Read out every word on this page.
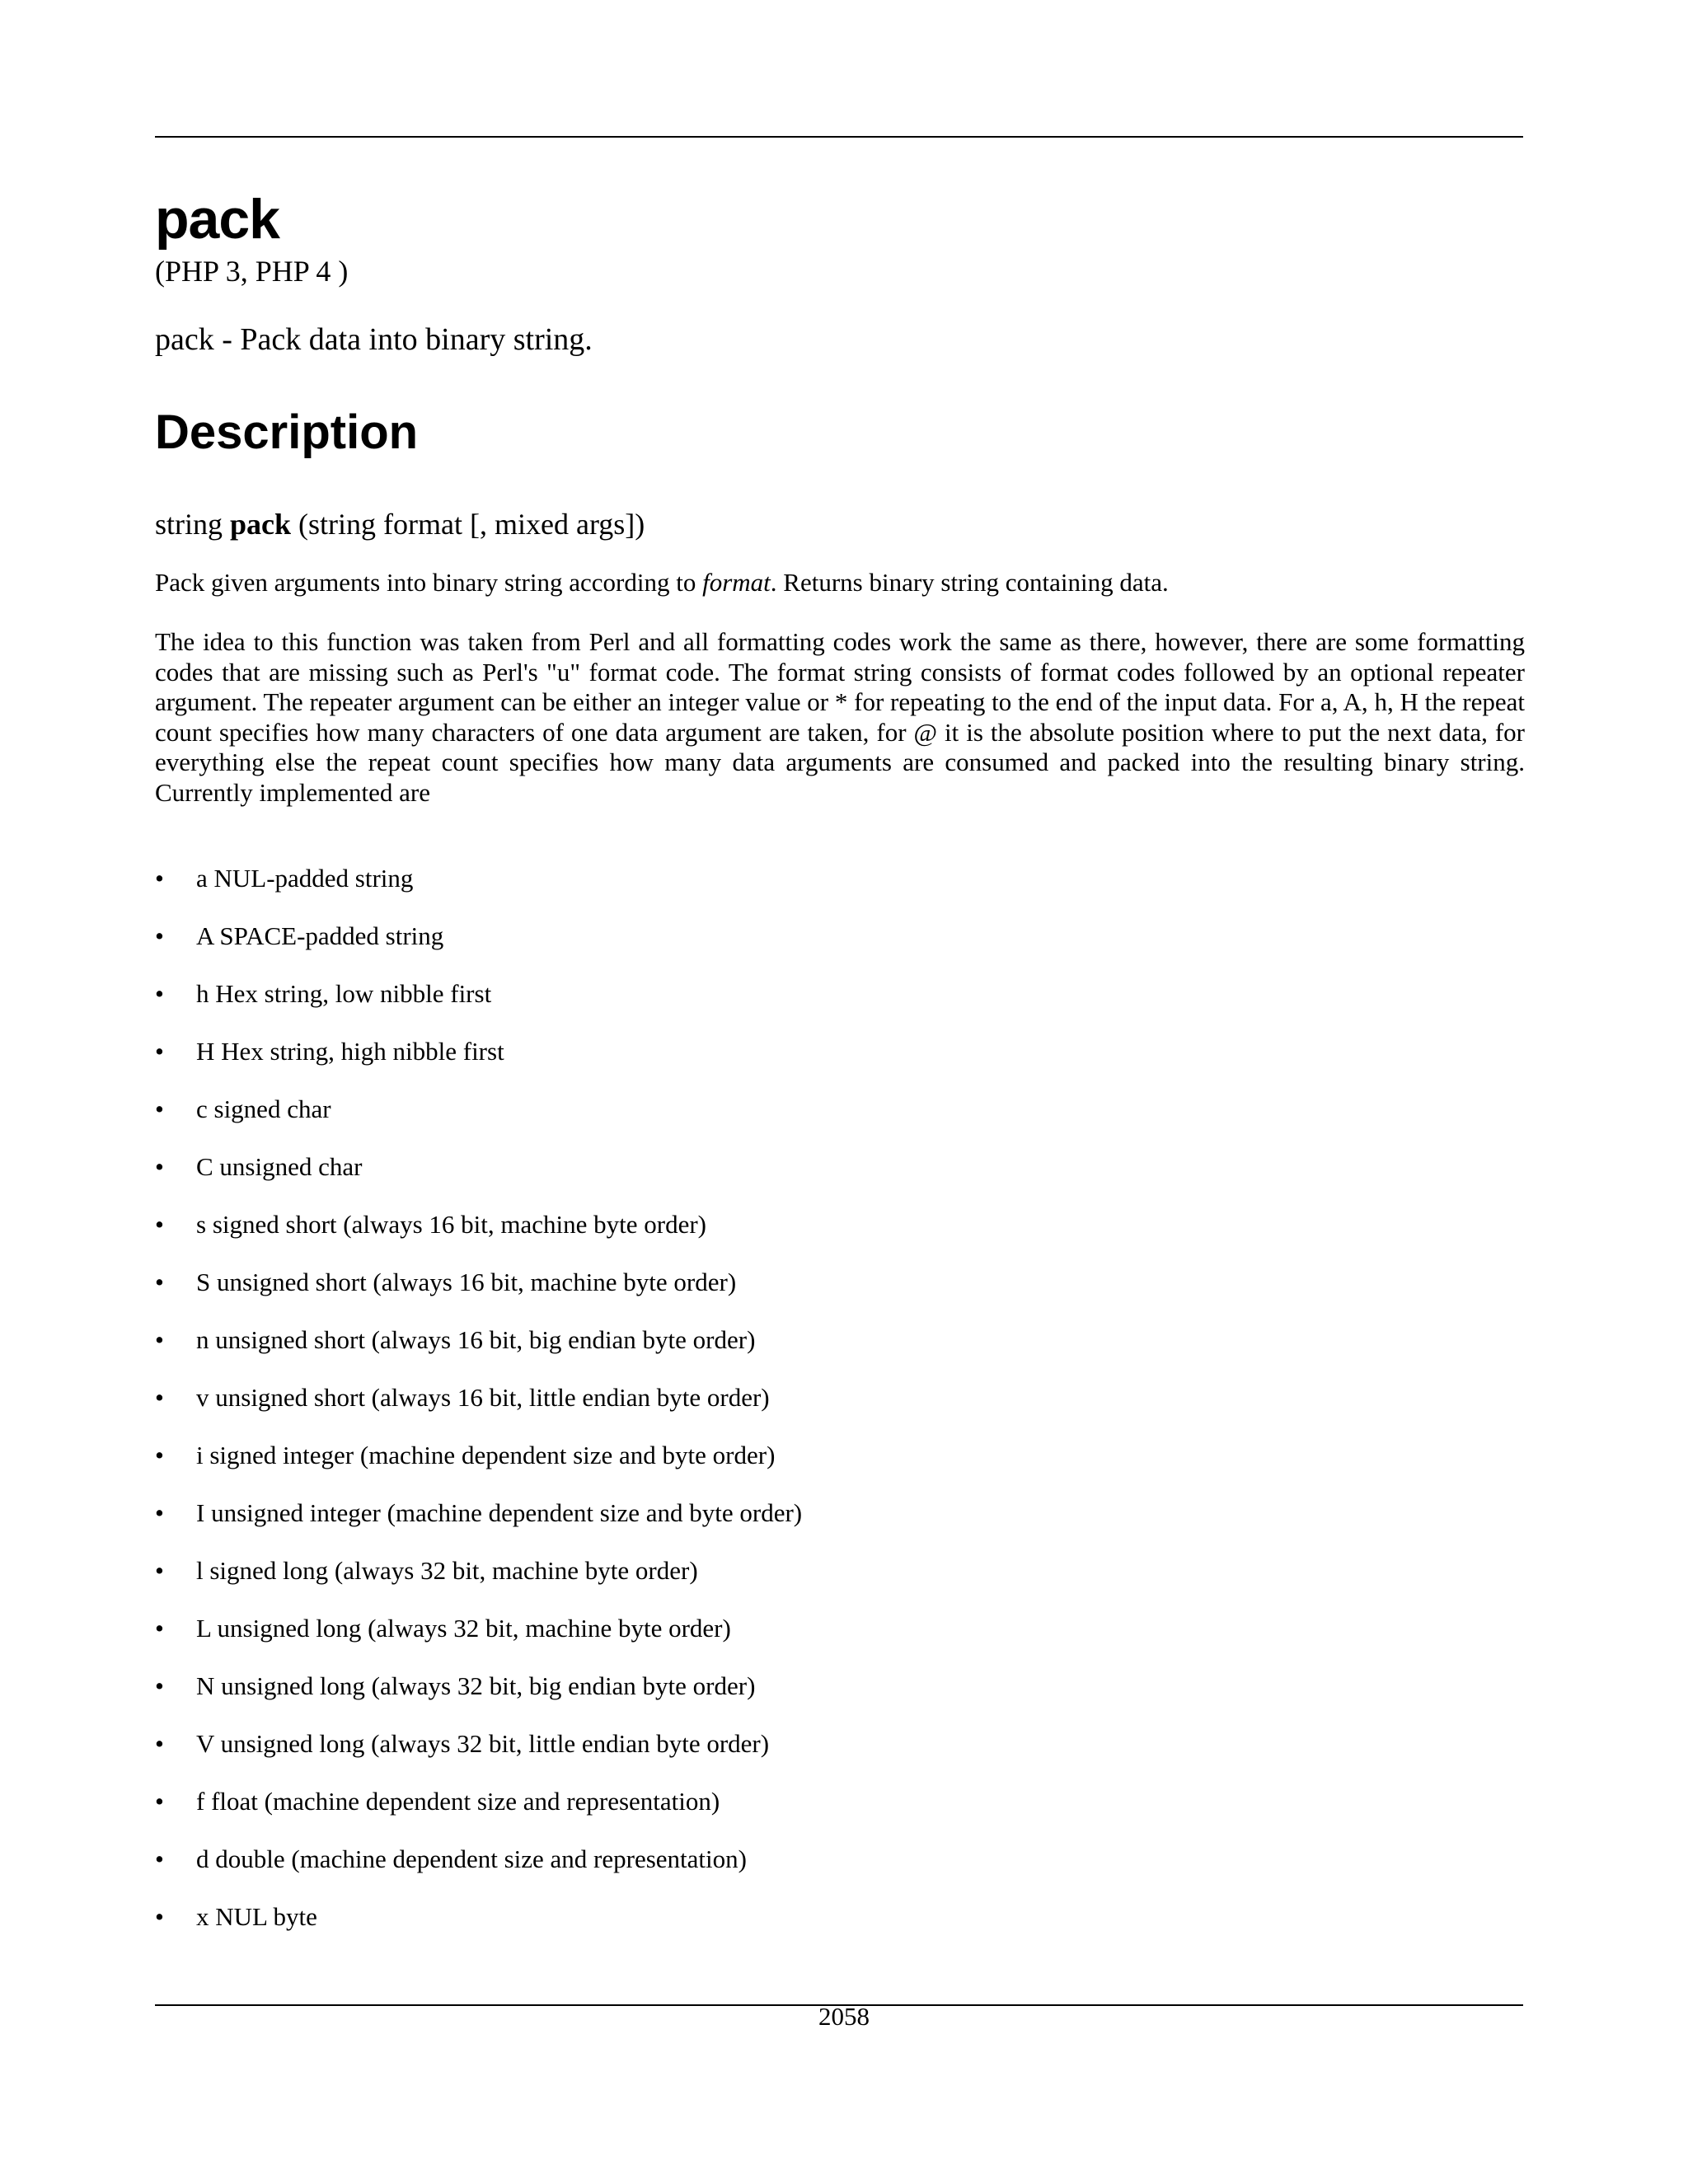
pack
(PHP 3, PHP 4 )
pack - Pack data into binary string.
Description
string pack (string format [, mixed args])
Pack given arguments into binary string according to format. Returns binary string containing data.
The idea to this function was taken from Perl and all formatting codes work the same as there, however, there are some formatting codes that are missing such as Perl's "u" format code. The format string consists of format codes followed by an optional repeater argument. The repeater argument can be either an integer value or * for repeating to the end of the input data. For a, A, h, H the repeat count specifies how many characters of one data argument are taken, for @ it is the absolute position where to put the next data, for everything else the repeat count specifies how many data arguments are consumed and packed into the resulting binary string. Currently implemented are
• a NUL-padded string
• A SPACE-padded string
• h Hex string, low nibble first
• H Hex string, high nibble first
• c signed char
• C unsigned char
• s signed short (always 16 bit, machine byte order)
• S unsigned short (always 16 bit, machine byte order)
• n unsigned short (always 16 bit, big endian byte order)
• v unsigned short (always 16 bit, little endian byte order)
• i signed integer (machine dependent size and byte order)
• I unsigned integer (machine dependent size and byte order)
• l signed long (always 32 bit, machine byte order)
• L unsigned long (always 32 bit, machine byte order)
• N unsigned long (always 32 bit, big endian byte order)
• V unsigned long (always 32 bit, little endian byte order)
• f float (machine dependent size and representation)
• d double (machine dependent size and representation)
• x NUL byte
2058
